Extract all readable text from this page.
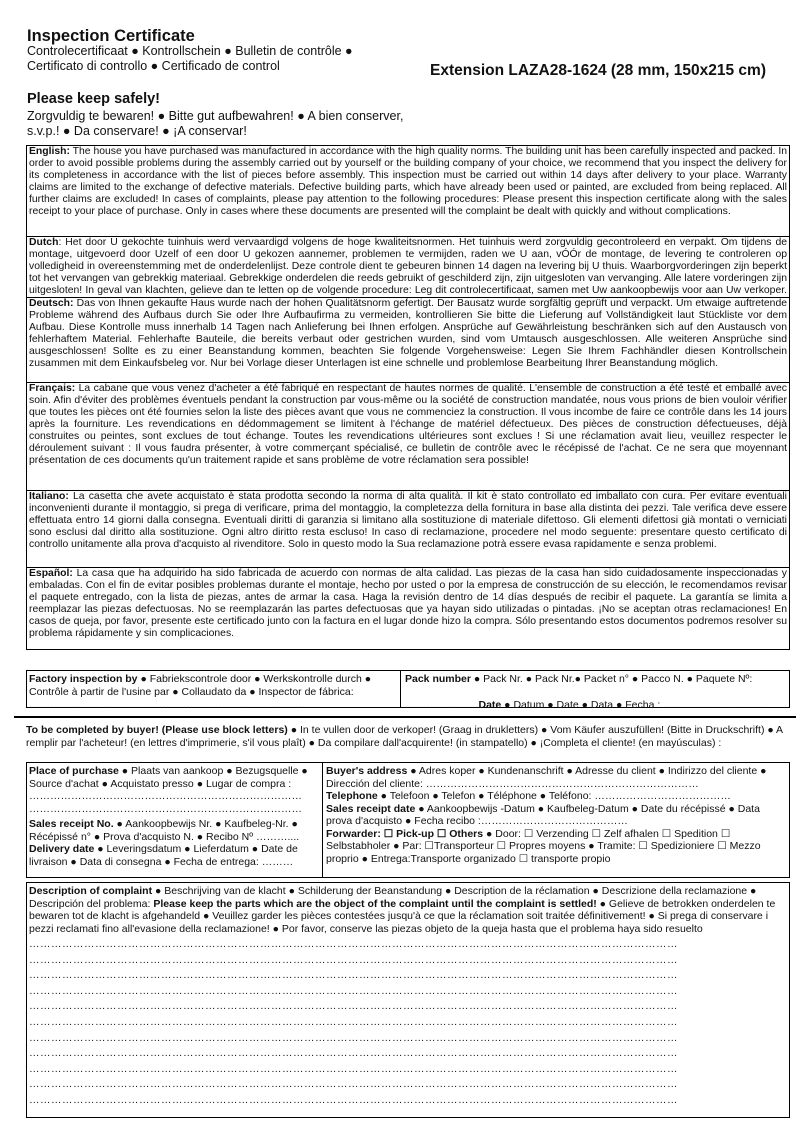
Inspection Certificate
Controlecertificaat ● Kontrollschein ● Bulletin de contrôle ● Certificato di controllo ● Certificado de control	Extension LAZA28-1624 (28 mm, 150x215 cm)
Please keep safely!
Zorgvuldig te bewaren! ● Bitte gut aufbewahren! ● A bien conserver, s.v.p.! ● Da conservare! ● ¡A conservar!
English: The house you have purchased was manufactured in accordance with the high quality norms. The building unit has been carefully inspected and packed. In order to avoid possible problems during the assembly carried out by yourself or the building company of your choice, we recommend that you inspect the delivery for its completeness in accordance with the list of pieces before assembly. This inspection must be carried out within 14 days after delivery to your place. Warranty claims are limited to the exchange of defective materials. Defective building parts, which have already been used or painted, are excluded from being replaced. All further claims are excluded! In cases of complaints, please pay attention to the following procedures: Please present this inspection certificate along with the sales receipt to your place of purchase. Only in cases where these documents are presented will the complaint be dealt with quickly and without complications.
Dutch: Het door U gekochte tuinhuis werd vervaardigd volgens de hoge kwaliteitsnormen. Het tuinhuis werd zorgvuldig gecontroleerd en verpakt. Om tijdens de montage, uitgevoerd door Uzelf of een door U gekozen aannemer, problemen te vermijden, raden we U aan, vÓÓr de montage, de levering te controleren op volledigheid in overeenstemming met de onderdelenlijst. Deze controle dient te gebeuren binnen 14 dagen na levering bij U thuis. Waarborgvorderingen zijn beperkt tot het vervangen van gebrekkig materiaal. Gebrekkige onderdelen die reeds gebruikt of geschilderd zijn, zijn uitgesloten van vervanging. Alle latere vorderingen zijn uitgesloten! In geval van klachten, gelieve dan te letten op de volgende procedure: Leg dit controlecertificaat, samen met Uw aankoopbewijs voor aan Uw verkoper.
Deutsch: Das von Ihnen gekaufte Haus wurde nach der hohen Qualitätsnorm gefertigt. Der Bausatz wurde sorgfältig geprüft und verpackt. Um etwaige auftretende Probleme während des Aufbaus durch Sie oder Ihre Aufbaufirma zu vermeiden, kontrollieren Sie bitte die Lieferung auf Vollständigkeit laut Stückliste vor dem Aufbau. Diese Kontrolle muss innerhalb 14 Tagen nach Anlieferung bei Ihnen erfolgen. Ansprüche auf Gewährleistung beschränken sich auf den Austausch von fehlerhaftem Material. Fehlerhafte Bauteile, die bereits verbaut oder gestrichen wurden, sind vom Umtausch ausgeschlossen. Alle weiteren Ansprüche sind ausgeschlossen! Sollte es zu einer Beanstandung kommen, beachten Sie folgende Vorgehensweise: Legen Sie Ihrem Fachhändler diesen Kontrollschein zusammen mit dem Einkaufsbeleg vor. Nur bei Vorlage dieser Unterlagen ist eine schnelle und problemlose Bearbeitung Ihrer Beanstandung möglich.
Français: La cabane que vous venez d'acheter a été fabriqué en respectant de hautes normes de qualité. L'ensemble de construction a été testé et emballé avec soin. Afin d'éviter des problèmes éventuels pendant la construction par vous-même ou la société de construction mandatée, nous vous prions de bien vouloir vérifier que toutes les pièces ont été fournies selon la liste des pièces avant que vous ne commenciez la construction. Il vous incombe de faire ce contrôle dans les 14 jours après la fourniture. Les revendications en dédommagement se limitent à l'échange de matériel défectueux. Des pièces de construction défectueuses, déjà construites ou peintes, sont exclues de tout échange. Toutes les revendications ultérieures sont exclues ! Si une réclamation avait lieu, veuillez respecter le déroulement suivant : Il vous faudra présenter, à votre commerçant spécialisé, ce bulletin de contrôle avec le récépissé de l'achat. Ce ne sera que moyennant présentation de ces documents qu'un traitement rapide et sans problème de votre réclamation sera possible!
Italiano: La casetta che avete acquistato è stata prodotta secondo la norma di alta qualità. Il kit è stato controllato ed imballato con cura. Per evitare eventuali inconvenienti durante il montaggio, si prega di verificare, prima del montaggio, la completezza della fornitura in base alla distinta dei pezzi. Tale verifica deve essere effettuata entro 14 giorni dalla consegna. Eventuali diritti di garanzia si limitano alla sostituzione di materiale difettoso. Gli elementi difettosi già montati o verniciati sono esclusi dal diritto alla sostituzione. Ogni altro diritto resta escluso! In caso di reclamazione, procedere nel modo seguente: presentare questo certificato di controllo unitamente alla prova d'acquisto al rivenditore. Solo in questo modo la Sua reclamazione potrà essere evasa rapidamente e senza problemi.
Español: La casa que ha adquirido ha sido fabricada de acuerdo con normas de alta calidad. Las piezas de la casa han sido cuidadosamente inspeccionadas y embaladas. Con el fin de evitar posibles problemas durante el montaje, hecho por usted o por la empresa de construcción de su elección, le recomendamos revisar el paquete entregado, con la lista de piezas, antes de armar la casa. Haga la revisión dentro de 14 días después de recibir el paquete. La garantía se limita a reemplazar las piezas defectuosas. No se reemplazarán las partes defectuosas que ya hayan sido utilizadas o pintadas. ¡No se aceptan otras reclamaciones! En casos de queja, por favor, presente este certificado junto con la factura en el lugar donde hizo la compra. Sólo presentando estos documentos podremos resolver su problema rápidamente y sin complicaciones.
Factory inspection by ● Fabriekscontrole door ● Werkskontrolle durch ● Contrôle à partir de l'usine par ● Collaudato da ● Inspector de fábrica:
……………………………………………………………………......
Pack number ● Pack Nr. ● Pack Nr.● Packet n° ● Pacco N. ● Paquete Nº:

…………………Date ● Datum ● Date ● Data ● Fecha :....................................
To be completed by buyer! (Please use block letters) ● In te vullen door de verkoper! (Graag in drukletters) ● Vom Käufer auszufüllen! (Bitte in Druckschrift) ● A remplir par l'acheteur! (en lettres d'imprimerie, s'il vous plaît) ● Da compilare dall'acquirente! (in stampatello) ● ¡Completa el cliente! (en mayúsculas) :
Place of purchase ● Plaats van aankoop ● Bezugsquelle ● Source d'achat ● Acquistato presso ● Lugar de compra :
……………………………………………………………………
……………………………………………………………………
Sales receipt No. ● Aankoopbewijs Nr. ● Kaufbeleg-Nr. ● Récépissé n° ● Prova d'acquisto N. ● Recibo Nº ………....
Delivery date ● Leveringsdatum ● Lieferdatum ● Date de livraison ● Data di consegna ● Fecha de entrega: ………
Buyer's address ● Adres koper ● Kundenanschrift ● Adresse du client ● Indirizzo del cliente ● Dirección del cliente: ……………………………………………………………………
Telephone ● Telefoon ● Telefon ● Téléphone ● Teléfono: …………………………………
Sales receipt date ● Aankoopbewijs -Datum ● Kaufbeleg-Datum ● Date du récépissé ● Data prova d'acquisto ● Fecha recibo :……………………………………
Forwarder: ☐ Pick-up ☐ Others ● Door: ☐ Verzending ☐ Zelf afhalen ☐ Spedition ☐ Selbstabholer ● Par: ☐Transporteur ☐ Propres moyens ● Tramite: ☐ Spedizioniere ☐ Mezzo proprio ● Entrega:Transporte organizado ☐ transporte propio
Description of complaint ● Beschrijving van de klacht ● Schilderung der Beanstandung ● Description de la réclamation ● Descrizione della reclamazione ● Descripción del problema: Please keep the parts which are the object of the complaint until the complaint is settled! ● Gelieve de betrokken onderdelen te bewaren tot de klacht is afgehandeld ● Veuillez garder les pièces contestées jusqu'à ce que la réclamation soit traitée définitivement! ● Si prega di conservare i pezzi reclamati fino all'evasione della reclamazione! ● Por favor, conserve las piezas objeto de la queja hasta que el problema haya sido resuelto
……………………………………………………………………………………………………………………………………………………………
……………………………………………………………………………………………………………………………………………………………
……………………………………………………………………………………………………………………………………………………………
……………………………………………………………………………………………………………………………………………………………
……………………………………………………………………………………………………………………………………………………………
……………………………………………………………………………………………………………………………………………………………
……………………………………………………………………………………………………………………………………………………………
……………………………………………………………………………………………………………………………………………………………
……………………………………………………………………………………………………………………………………………………………
……………………………………………………………………………………………………………………………………………………………
……………………………………………………………………………………………………………………………………………………………
